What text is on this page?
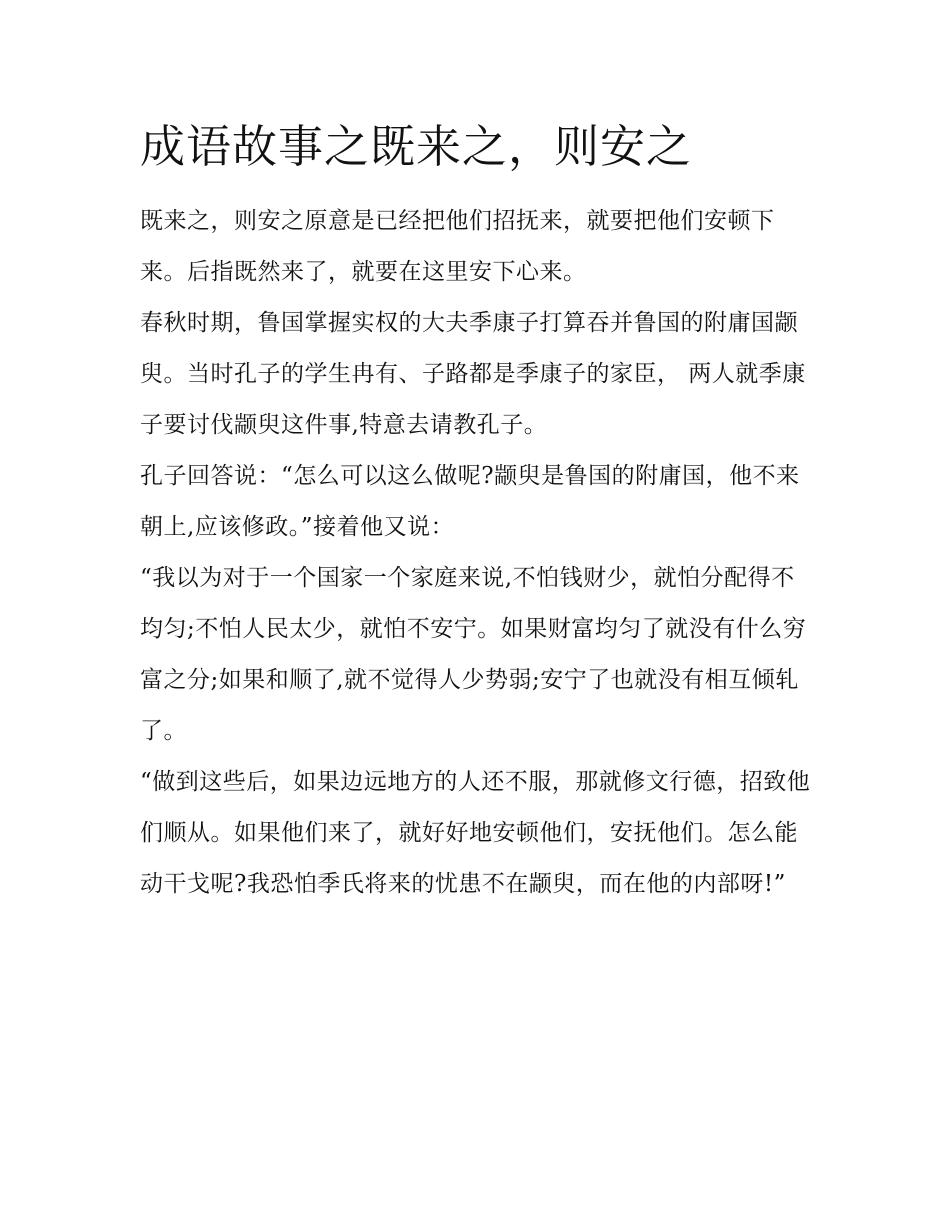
成语故事之既来之，则安之

既来之，则安之原意是已经把他们招抚来，就要把他们安顿下来。后指既然来了，就要在这里安下心来。

春秋时期，鲁国掌握实权的大夫季康子打算吞并鲁国的附庸国颛臾。当时孔子的学生冉有、子路都是季康子的家臣， 两人就季康子要讨伐颛臾这件事,特意去请教孔子。

孔子回答说：“怎么可以这么做呢?颛臾是鲁国的附庸国，他不来朝上,应该修政。”接着他又说：

“我以为对于一个国家一个家庭来说,不怕钱财少，就怕分配得不均匀;不怕人民太少，就怕不安宁。如果财富均匀了就没有什么穷富之分;如果和顺了,就不觉得人少势弱;安宁了也就没有相互倾轧了。

“做到这些后，如果边远地方的人还不服，那就修文行德，招致他们顺从。如果他们来了，就好好地安顿他们，安抚他们。怎么能动干戈呢?我恐怕季氏将来的忧患不在颛臾，而在他的内部呀!”
